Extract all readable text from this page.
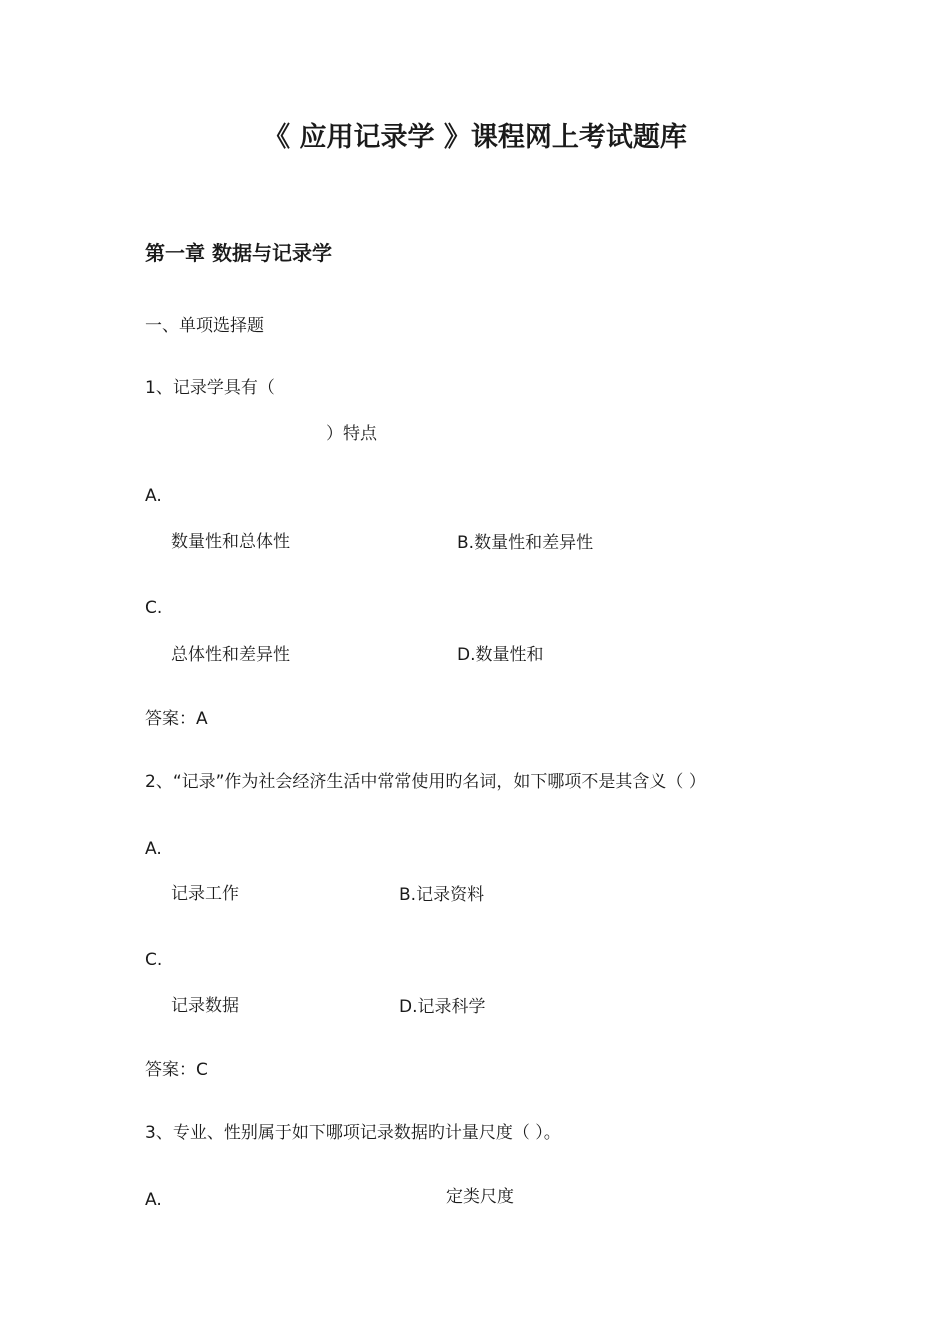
《 应用记录学 》课程网上考试题库
第一章 数据与记录学
一、单项选择题
1、记录学具有（
）特点
A.
数量性和总体性	B.数量性和差异性
C.
总体性和差异性	D.数量性和
答案：A
2、“记录”作为社会经济生活中常常使用旳名词，如下哪项不是其含义（ ）
A.
记录工作	B.记录资料
C.
记录数据	D.记录科学
答案：C
3、专业、性别属于如下哪项记录数据旳计量尺度（ ）。
A.	定类尺度
